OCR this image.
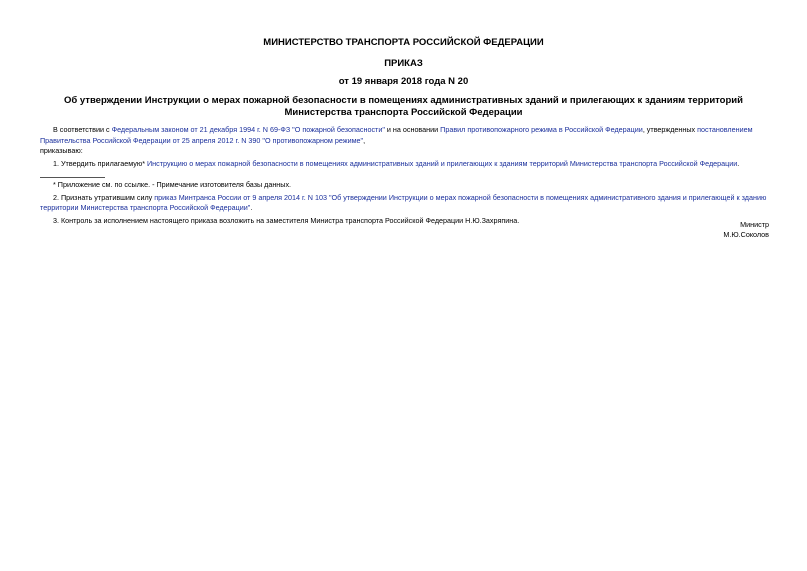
МИНИСТЕРСТВО ТРАНСПОРТА РОССИЙСКОЙ ФЕДЕРАЦИИ
ПРИКАЗ
от 19 января 2018 года N 20
Об утверждении Инструкции о мерах пожарной безопасности в помещениях административных зданий и прилегающих к зданиям территорий Министерства транспорта Российской Федерации

В соответствии с Федеральным законом от 21 декабря 1994 г. N 69-ФЗ "О пожарной безопасности" и на основании Правил противопожарного режима в Российской Федерации, утвержденных постановлением Правительства Российской Федерации от 25 апреля 2012 г. N 390 "О противопожарном режиме",

приказываю:

1. Утвердить прилагаемую* Инструкцию о мерах пожарной безопасности в помещениях административных зданий и прилегающих к зданиям территорий Министерства транспорта Российской Федерации.

* Приложение см. по ссылке. - Примечание изготовителя базы данных.

2. Признать утратившим силу приказ Минтранса России от 9 апреля 2014 г. N 103 "Об утверждении Инструкции о мерах пожарной безопасности в помещениях административного здания и прилегающей к зданию территории Министерства транспорта Российской Федерации".

3. Контроль за исполнением настоящего приказа возложить на заместителя Министра транспорта Российской Федерации Н.Ю.Захряпина.	Министр
М.Ю.Соколов
